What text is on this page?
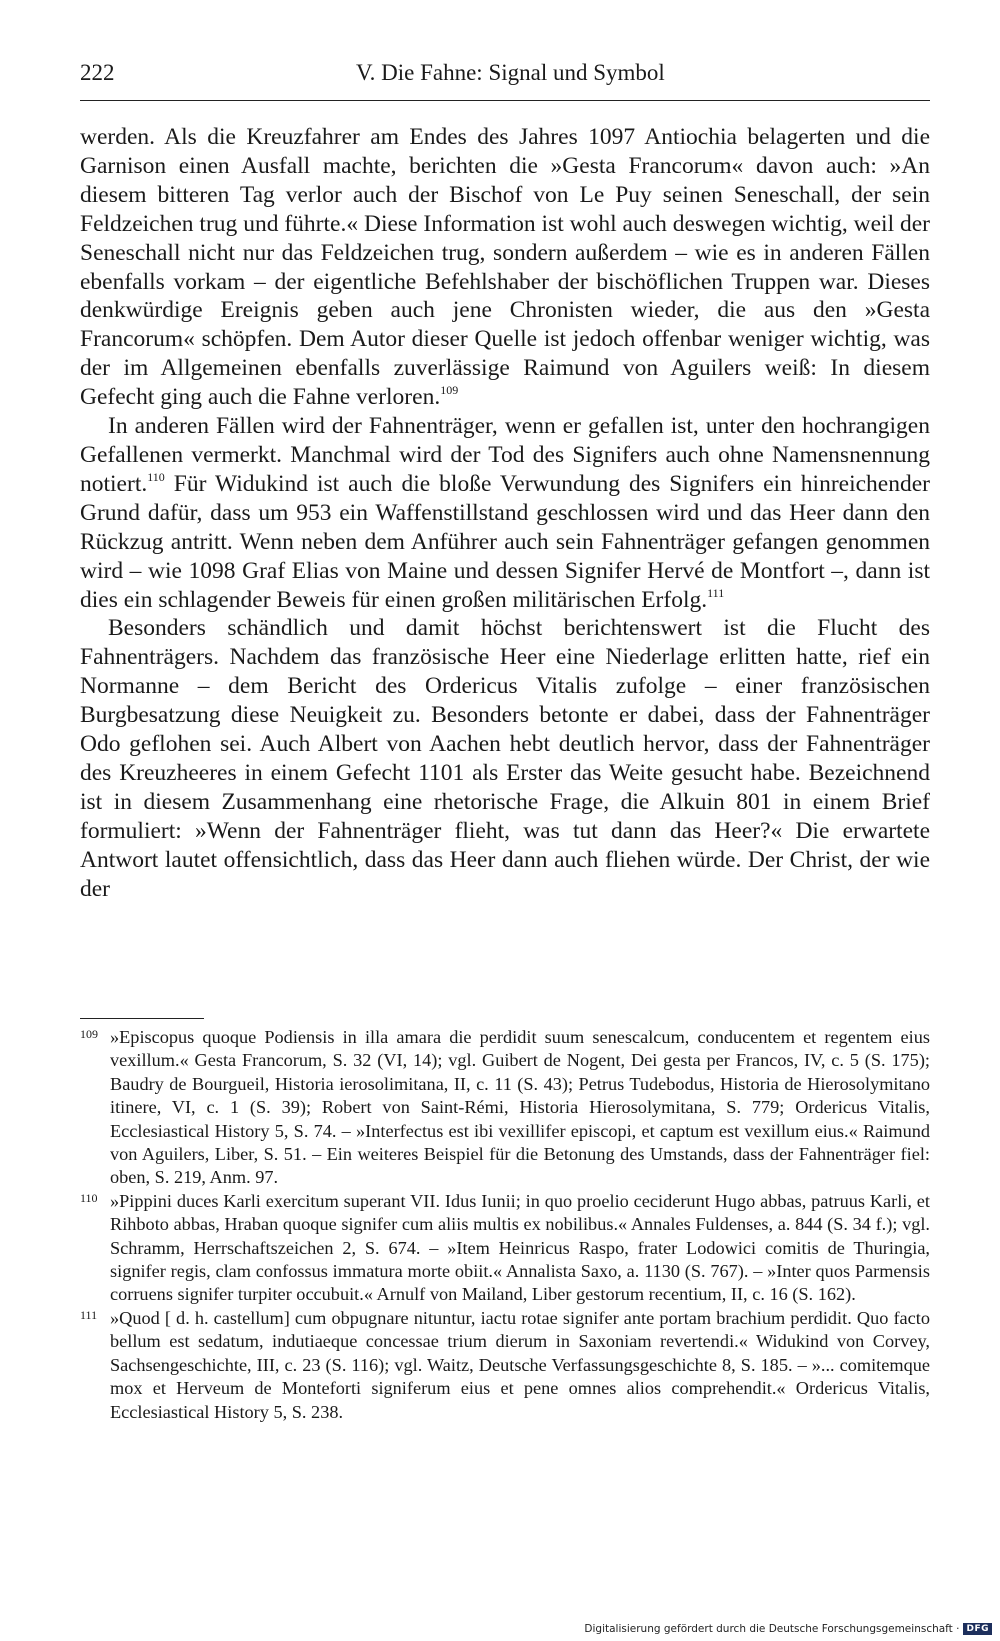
222	V. Die Fahne: Signal und Symbol

werden. Als die Kreuzfahrer am Endes des Jahres 1097 Antiochia belagerten und die Garnison einen Ausfall machte, berichten die »Gesta Francorum« davon auch: »An diesem bitteren Tag verlor auch der Bischof von Le Puy seinen Seneschall, der sein Feldzeichen trug und führte.« Diese Information ist wohl auch deswegen wichtig, weil der Seneschall nicht nur das Feldzeichen trug, sondern außerdem – wie es in anderen Fällen ebenfalls vorkam – der eigentliche Befehlshaber der bischöflichen Truppen war. Dieses denkwürdige Ereignis geben auch jene Chronisten wieder, die aus den »Gesta Francorum« schöpfen. Dem Autor dieser Quelle ist jedoch offenbar weniger wichtig, was der im Allgemeinen ebenfalls zuverlässige Raimund von Aguilers weiß: In diesem Gefecht ging auch die Fahne verloren.$^{109}$

In anderen Fällen wird der Fahnenträger, wenn er gefallen ist, unter den hochrangigen Gefallenen vermerkt. Manchmal wird der Tod des Signifers auch ohne Namensnennung notiert.$^{110}$ Für Widukind ist auch die bloße Verwundung des Signifers ein hinreichender Grund dafür, dass um 953 ein Waffenstillstand geschlossen wird und das Heer dann den Rückzug antritt. Wenn neben dem Anführer auch sein Fahnenträger gefangen genommen wird – wie 1098 Graf Elias von Maine und dessen Signifer Hervé de Montfort –, dann ist dies ein schlagender Beweis für einen großen militärischen Erfolg.$^{111}$

Besonders schändlich und damit höchst berichtenswert ist die Flucht des Fahnenträgers. Nachdem das französische Heer eine Niederlage erlitten hatte, rief ein Normanne – dem Bericht des Ordericus Vitalis zufolge – einer französischen Burgbesatzung diese Neuigkeit zu. Besonders betonte er dabei, dass der Fahnenträger Odo geflohen sei. Auch Albert von Aachen hebt deutlich hervor, dass der Fahnenträger des Kreuzheeres in einem Gefecht 1101 als Erster das Weite gesucht habe. Bezeichnend ist in diesem Zusammenhang eine rhetorische Frage, die Alkuin 801 in einem Brief formuliert: »Wenn der Fahnenträger flieht, was tut dann das Heer?« Die erwartete Antwort lautet offensichtlich, dass das Heer dann auch fliehen würde. Der Christ, der wie der

109 »Episcopus quoque Podiensis in illa amara die perdidit suum senescalcum, conducentem et regentem eius vexillum.« Gesta Francorum, S. 32 (VI, 14); vgl. Guibert de Nogent, Dei gesta per Francos, IV, c. 5 (S. 175); Baudry de Bourgueil, Historia ierosolimitana, II, c. 11 (S. 43); Petrus Tudebodus, Historia de Hierosolymitano itinere, VI, c. 1 (S. 39); Robert von Saint-Rémi, Historia Hierosolymitana, S. 779; Ordericus Vitalis, Ecclesiastical History 5, S. 74. – »Interfectus est ibi vexillifer episcopi, et captum est vexillum eius.« Raimund von Aguilers, Liber, S. 51. – Ein weiteres Beispiel für die Betonung des Umstands, dass der Fahnenträger fiel: oben, S. 219, Anm. 97.
110 »Pippini duces Karli exercitum superant VII. Idus Iunii; in quo proelio ceciderunt Hugo abbas, patruus Karli, et Rihboto abbas, Hraban quoque signifer cum aliis multis ex nobilibus.« Annales Fuldenses, a. 844 (S. 34 f.); vgl. Schramm, Herrschaftszeichen 2, S. 674. – »Item Heinricus Raspo, frater Lodowici comitis de Thuringia, signifer regis, clam confossus immatura morte obiit.« Annalista Saxo, a. 1130 (S. 767). – »Inter quos Parmensis corruens signifer turpiter occubuit.« Arnulf von Mailand, Liber gestorum recentium, II, c. 16 (S. 162).
111 »Quod [ d. h. castellum] cum obpugnare nituntur, iactu rotae signifer ante portam brachium perdidit. Quo facto bellum est sedatum, indutiaeque concessae trium dierum in Saxoniam revertendi.« Widukind von Corvey, Sachsengeschichte, III, c. 23 (S. 116); vgl. Waitz, Deutsche Verfassungsgeschichte 8, S. 185. – »... comitemque mox et Herveum de Monteforti signiferum eius et pene omnes alios comprehendit.« Ordericus Vitalis, Ecclesiastical History 5, S. 238.
Digitalisierung gefördert durch die Deutsche Forschungsgemeinschaft · DFG
